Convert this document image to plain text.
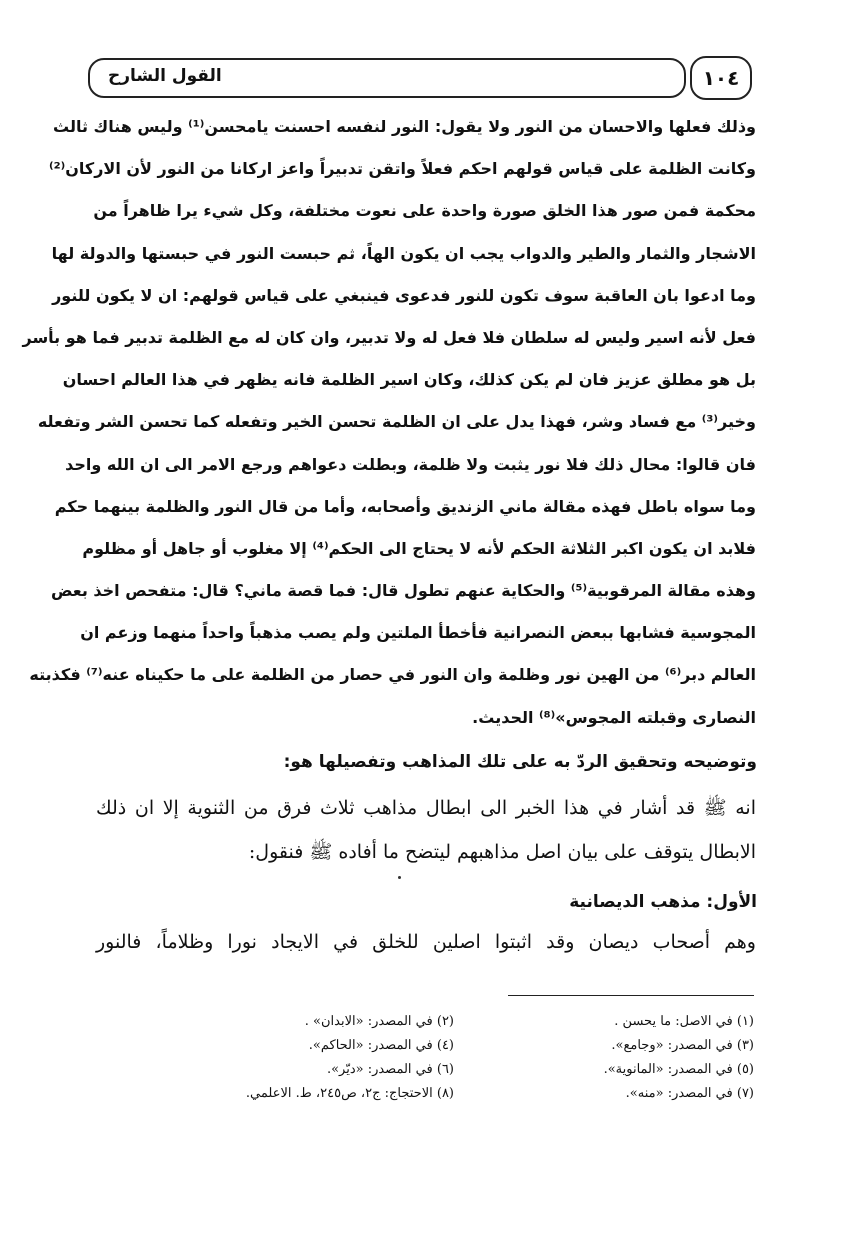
١٠٤
القول الشارح
وذلك فعلها والاحسان من النور ولا يقول: النور لنفسه احسنت يامحسن⁽¹⁾ وليس هناك ثالث
وكانت الظلمة على قياس قولهم احكم فعلاً واتقن تدبيراً واعز اركانا من النور لأن الاركان⁽²⁾
محكمة فمن صور هذا الخلق صورة واحدة على نعوت مختلفة، وكل شيء يرا ظاهراً من
الاشجار والثمار والطير والدواب يجب ان يكون الهاً، ثم حبست النور في حبستها والدولة لها
وما ادعوا بان العاقبة سوف تكون للنور فدعوى فينبغي على قياس قولهم: ان لا يكون للنور
فعل لأنه اسير وليس له سلطان فلا فعل له ولا تدبير، وان كان له مع الظلمة تدبير فما هو بأسر
بل هو مطلق عزيز فان لم يكن كذلك، وكان اسير الظلمة فانه يظهر في هذا العالم احسان
وخير⁽³⁾ مع فساد وشر، فهذا يدل على ان الظلمة تحسن الخير وتفعله كما تحسن الشر وتفعله
فان قالوا: محال ذلك فلا نور يثبت ولا ظلمة، وبطلت دعواهم ورجع الامر الى ان الله واحد
وما سواه باطل فهذه مقالة ماني الزنديق وأصحابه، وأما من قال النور والظلمة بينهما حكم
فلابد ان يكون اكبر الثلاثة الحكم لأنه لا يحتاج الى الحكم⁽⁴⁾ إلا مغلوب أو جاهل أو مظلوم
وهذه مقالة المرقوبية⁽⁵⁾ والحكاية عنهم تطول قال: فما قصة ماني؟ قال: متفحص اخذ بعض
المجوسية فشابها ببعض النصرانية فأخطأ الملتين ولم يصب مذهباً واحداً منهما وزعم ان
العالم دبر⁽⁶⁾ من الهين نور وظلمة وان النور في حصار من الظلمة على ما حكيناه عنه⁽⁷⁾ فكذبته
النصارى وقبلته المجوس»⁽⁸⁾ الحديث.
وتوضيحه وتحقيق الردّ به على تلك المذاهب وتفصيلها هو:
انه ﷺ قد أشار في هذا الخبر الى ابطال مذاهب ثلاث فرق من الثنوية إلا ان ذلك
الابطال يتوقف على بيان اصل مذاهبهم ليتضح ما أفاده ﷺ فنقول:
الأول: مذهب الديصانية
وهم أصحاب ديصان وقد اثبتوا اصلين للخلق في الايجاد نورا وظلاماً، فالنور
(١) في الاصل: ما يحسن .
(٢) في المصدر: «الابدان» .
(٣) في المصدر: «وجامع».
(٤) في المصدر: «الحاكم».
(٥) في المصدر: «المانوية».
(٦) في المصدر: «ديّر».
(٧) في المصدر: «منه».
(٨) الاحتجاج: ج٢، ص٢٤٥، ط. الاعلمي.
